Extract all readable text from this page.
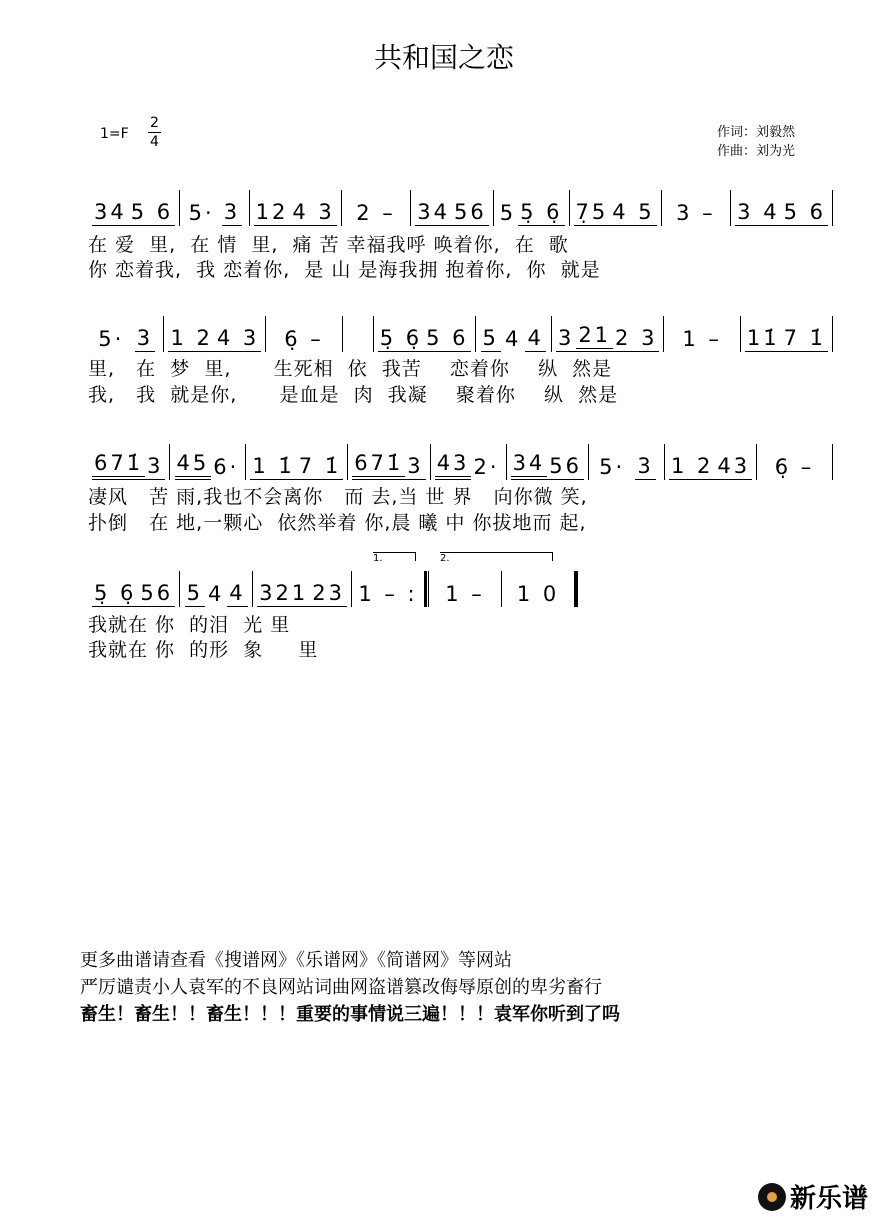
共和国之恋
1=F
2
4
作词：刘毅然
作曲：刘为光
34 5 6 5· 3 12 4 3 2 – 34 56 5 5̣ 6̣ 7̣5 4 5 3 – 3 4 5 6
在 爱  里,  在 情  里,  痛 苦 幸福我呼 唤着你,  在  歌
你 恋着我,  我 恋着你,  是 山 是海我拥 抱着你,  你  就是
5· 3 1 2 4 3 6̣ –	5̣ 6̣ 5 6 5 4 4 3 21 2 3 1 – 11̇ 7 1̇
里,   在  梦  里,      生死相  依  我苦    恋着你    纵  然是
我,   我  就是你,      是血是  肉  我凝    聚着你    纵  然是
671̇ 3 45 6· 1 1̇ 7 1̇ 671̇ 3 43 2· 34 56 5· 3 1 2 43 6̣ –
凄风   苦 雨,我也不会离你   而 去,当 世 界   向你微 笑,
扑倒   在 地,一颗心  依然举着 你,晨 曦 中 你拔地而 起,
1.	2.
5̣ 6̣ 56 5 4 4 321 23 1 – : 1 – 1 0
我就在 你  的泪  光 里
我就在 你  的形  象     里
更多曲谱请查看《搜谱网》《乐谱网》《简谱网》等网站
严厉谴责小人袁军的不良网站词曲网盗谱篡改侮辱原创的卑劣畜行
畜生！畜生！！畜生！！！重要的事情说三遍！！！袁军你听到了吗
新乐谱
